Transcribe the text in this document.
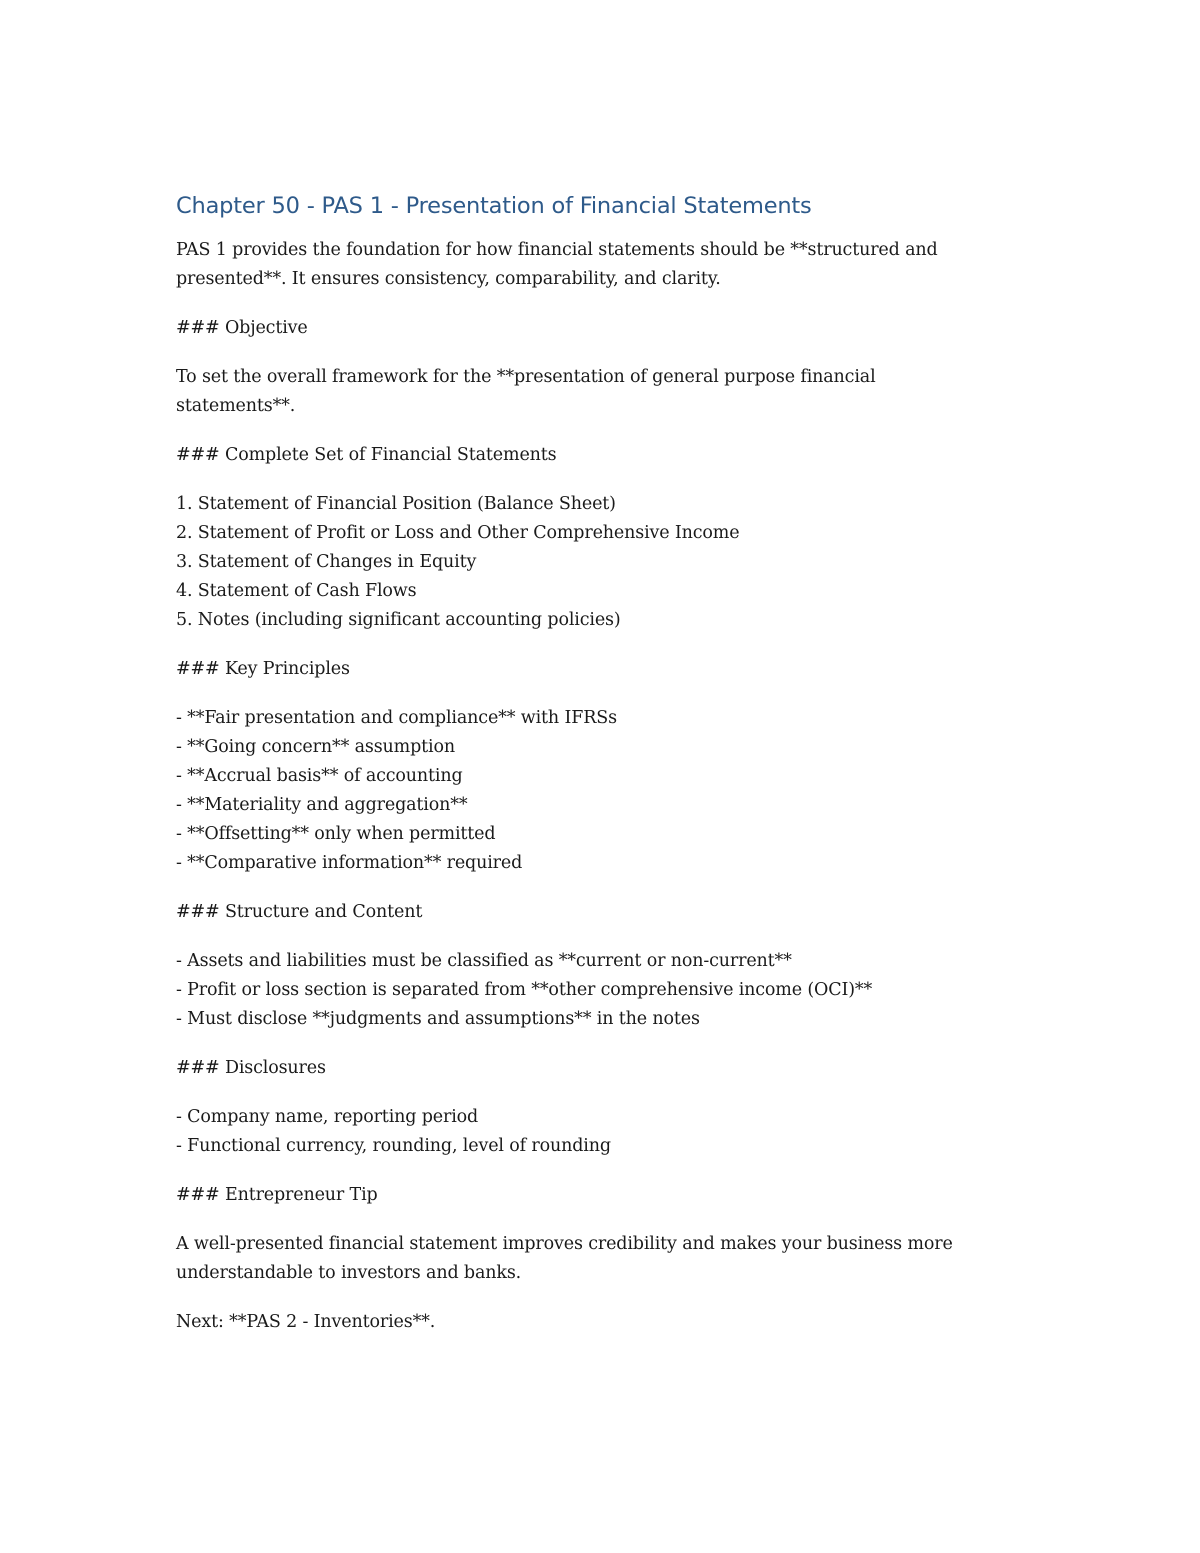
Chapter 50 - PAS 1 - Presentation of Financial Statements
PAS 1 provides the foundation for how financial statements should be **structured and
presented**. It ensures consistency, comparability, and clarity.
### Objective
To set the overall framework for the **presentation of general purpose financial
statements**.
### Complete Set of Financial Statements
1. Statement of Financial Position (Balance Sheet)
2. Statement of Profit or Loss and Other Comprehensive Income
3. Statement of Changes in Equity
4. Statement of Cash Flows
5. Notes (including significant accounting policies)
### Key Principles
- **Fair presentation and compliance** with IFRSs
- **Going concern** assumption
- **Accrual basis** of accounting
- **Materiality and aggregation**
- **Offsetting** only when permitted
- **Comparative information** required
### Structure and Content
- Assets and liabilities must be classified as **current or non-current**
- Profit or loss section is separated from **other comprehensive income (OCI)**
- Must disclose **judgments and assumptions** in the notes
### Disclosures
- Company name, reporting period
- Functional currency, rounding, level of rounding
### Entrepreneur Tip
A well-presented financial statement improves credibility and makes your business more
understandable to investors and banks.
Next: **PAS 2 - Inventories**.
